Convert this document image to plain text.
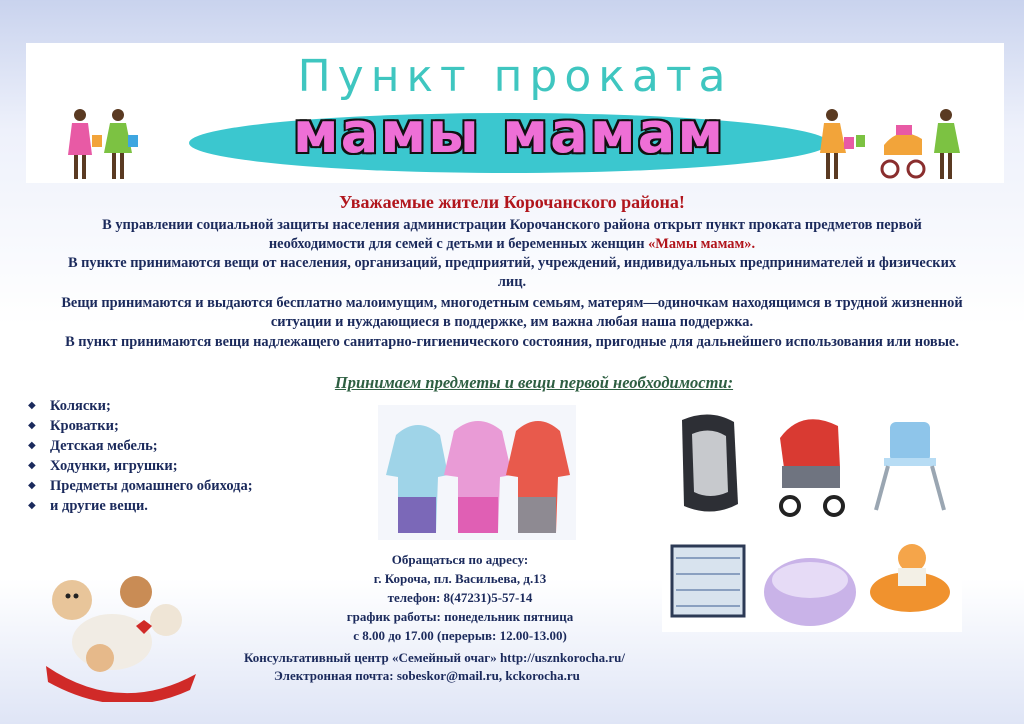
Пункт проката
мамы мамам
Уважаемые жители Корочанского района!
В управлении социальной защиты населения администрации Корочанского района открыт пункт проката предметов первой необходимости для семей с детьми и беременных женщин «Мамы мамам».
В пункте принимаются вещи от населения, организаций, предприятий, учреждений, индивидуальных предпринимателей и физических лиц.
Вещи принимаются и выдаются бесплатно малоимущим, многодетным семьям, матерям—одиночкам находящимся в трудной жизненной ситуации и нуждающиеся в поддержке, им важна любая наша поддержка.
В пункт принимаются вещи надлежащего санитарно-гигиенического состояния, пригодные для дальнейшего использования или новые.
Принимаем предметы и вещи первой необходимости:
◆ Коляски;
◆ Кроватки;
◆ Детская мебель;
◆ Ходунки, игрушки;
◆ Предметы домашнего обихода;
◆ и другие вещи.
Обращаться по адресу:
г. Короча, пл. Васильева, д.13
телефон: 8(47231)5-57-14
график работы: понедельник пятница
с 8.00 до 17.00 (перерыв: 12.00-13.00)
Консультативный центр «Семейный очаг» http://usznkorocha.ru/
Электронная почта: sobeskor@mail.ru, kckorocha.ru
